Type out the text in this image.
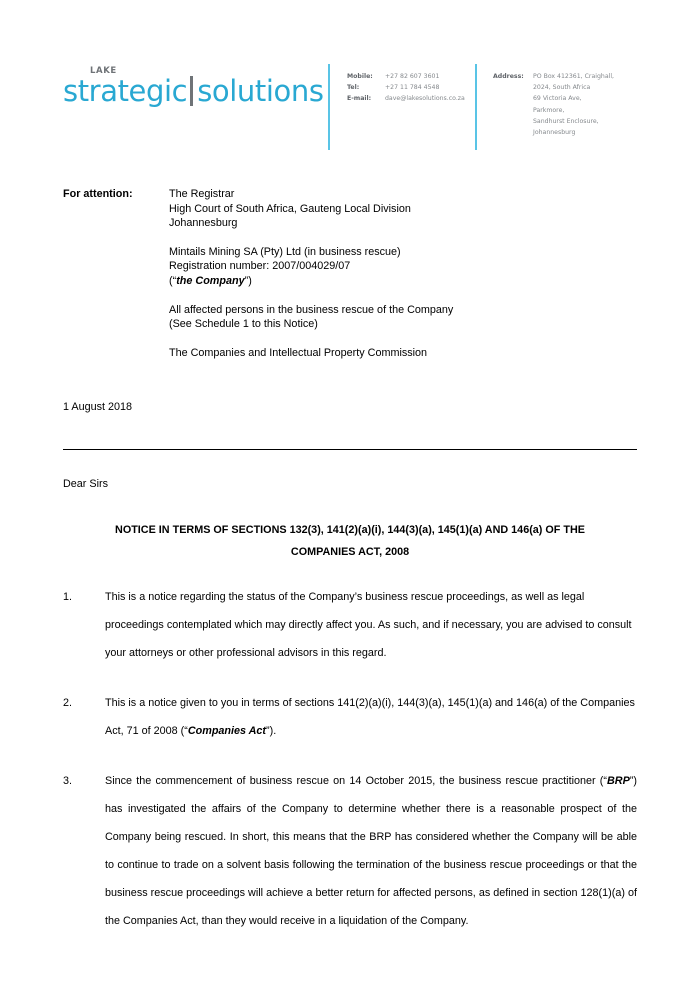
LAKE
strategic solutions	Mobile:	+27 82 607 3601
Tel:	+27 11 784 4548
E-mail:	dave@lakesolutions.co.za
Address:	PO Box 412361, Craighall,
2024, South Africa
69 Victoria Ave, Parkmore,
Sandhurst Enclosure,
Johannesburg
For attention:	The Registrar
High Court of South Africa, Gauteng Local Division
Johannesburg
Mintails Mining SA (Pty) Ltd (in business rescue)
Registration number: 2007/004029/07
(“the Company”)
All affected persons in the business rescue of the Company
(See Schedule 1 to this Notice)
The Companies and Intellectual Property Commission
1 August 2018
Dear Sirs
NOTICE IN TERMS OF SECTIONS 132(3), 141(2)(a)(i), 144(3)(a), 145(1)(a) AND 146(a) OF THE
COMPANIES ACT, 2008
1.	This is a notice regarding the status of the Company’s business rescue proceedings, as well as legal proceedings contemplated which may directly affect you. As such, and if necessary, you are advised to consult your attorneys or other professional advisors in this regard.
2.	This is a notice given to you in terms of sections 141(2)(a)(i), 144(3)(a), 145(1)(a) and 146(a) of the Companies Act, 71 of 2008 (“Companies Act”).
3.	Since the commencement of business rescue on 14 October 2015, the business rescue practitioner (“BRP”) has investigated the affairs of the Company to determine whether there is a reasonable prospect of the Company being rescued. In short, this means that the BRP has considered whether the Company will be able to continue to trade on a solvent basis following the termination of the business rescue proceedings or that the business rescue proceedings will achieve a better return for affected persons, as defined in section 128(1)(a) of the Companies Act, than they would receive in a liquidation of the Company.
